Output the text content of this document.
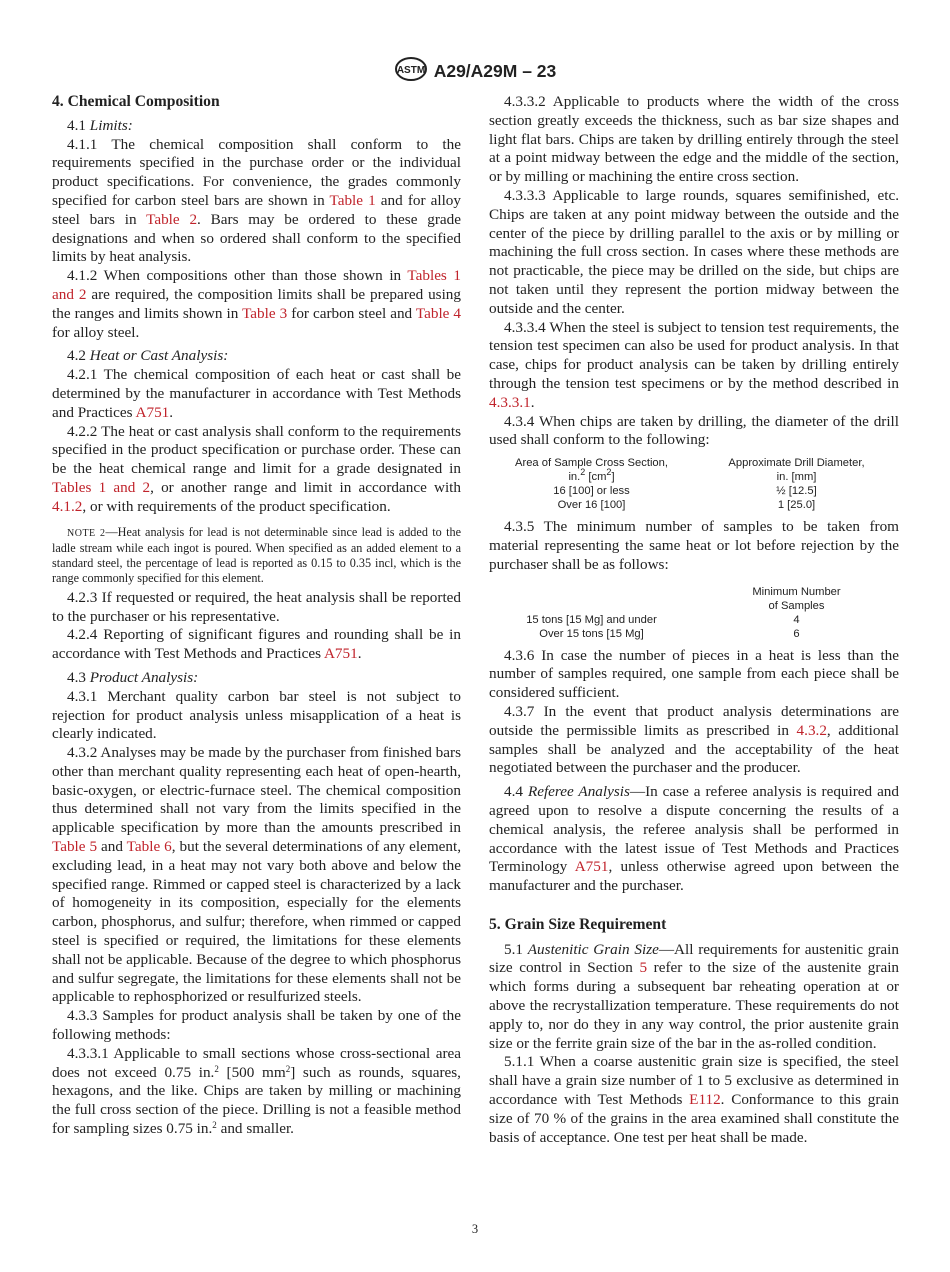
ASTM A29/A29M – 23

4. Chemical Composition

4.1 Limits:

4.1.1 The chemical composition shall conform to the requirements specified in the purchase order or the individual product specifications. For convenience, the grades commonly specified for carbon steel bars are shown in Table 1 and for alloy steel bars in Table 2. Bars may be ordered to these grade designations and when so ordered shall conform to the specified limits by heat analysis.

4.1.2 When compositions other than those shown in Tables 1 and 2 are required, the composition limits shall be prepared using the ranges and limits shown in Table 3 for carbon steel and Table 4 for alloy steel.

4.2 Heat or Cast Analysis:

4.2.1 The chemical composition of each heat or cast shall be determined by the manufacturer in accordance with Test Methods and Practices A751.

4.2.2 The heat or cast analysis shall conform to the requirements specified in the product specification or purchase order. These can be the heat chemical range and limit for a grade designated in Tables 1 and 2, or another range and limit in accordance with 4.1.2, or with requirements of the product specification.

NOTE 2—Heat analysis for lead is not determinable since lead is added to the ladle stream while each ingot is poured. When specified as an added element to a standard steel, the percentage of lead is reported as 0.15 to 0.35 incl, which is the range commonly specified for this element.

4.2.3 If requested or required, the heat analysis shall be reported to the purchaser or his representative.

4.2.4 Reporting of significant figures and rounding shall be in accordance with Test Methods and Practices A751.

4.3 Product Analysis:

4.3.1 Merchant quality carbon bar steel is not subject to rejection for product analysis unless misapplication of a heat is clearly indicated.

4.3.2 Analyses may be made by the purchaser from finished bars other than merchant quality representing each heat of open-hearth, basic-oxygen, or electric-furnace steel. The chemical composition thus determined shall not vary from the limits specified in the applicable specification by more than the amounts prescribed in Table 5 and Table 6, but the several determinations of any element, excluding lead, in a heat may not vary both above and below the specified range. Rimmed or capped steel is characterized by a lack of homogeneity in its composition, especially for the elements carbon, phosphorus, and sulfur; therefore, when rimmed or capped steel is specified or required, the limitations for these elements shall not be applicable. Because of the degree to which phosphorus and sulfur segregate, the limitations for these elements shall not be applicable to rephosphorized or resulfurized steels.

4.3.3 Samples for product analysis shall be taken by one of the following methods:

4.3.3.1 Applicable to small sections whose cross-sectional area does not exceed 0.75 in.$^2$ [500 $mm^2$] such as rounds, squares, hexagons, and the like. Chips are taken by milling or machining the full cross section of the piece. Drilling is not a feasible method for sampling sizes 0.75 in.$^2$ and smaller.

4.3.3.2 Applicable to products where the width of the cross section greatly exceeds the thickness, such as bar size shapes and light flat bars. Chips are taken by drilling entirely through the steel at a point midway between the edge and the middle of the section, or by milling or machining the entire cross section.

4.3.3.3 Applicable to large rounds, squares semifinished, etc. Chips are taken at any point midway between the outside and the center of the piece by drilling parallel to the axis or by milling or machining the full cross section. In cases where these methods are not practicable, the piece may be drilled on the side, but chips are not taken until they represent the portion midway between the outside and the center.

4.3.3.4 When the steel is subject to tension test requirements, the tension test specimen can also be used for product analysis. In that case, chips for product analysis can be taken by drilling entirely through the tension test specimens or by the method described in 4.3.3.1.

4.3.4 When chips are taken by drilling, the diameter of the drill used shall conform to the following:

Area of Sample Cross Section,
in.$^2$ $[cm^2]$	Approximate Drill Diameter,
in. [mm]
16 [100] or less	½ [12.5]
Over 16 [100]	1 [25.0]

4.3.5 The minimum number of samples to be taken from material representing the same heat or lot before rejection by the purchaser shall be as follows:

	Minimum Number
of Samples
15 tons [15 Mg] and under	4
Over 15 tons [15 Mg]	6

4.3.6 In case the number of pieces in a heat is less than the number of samples required, one sample from each piece shall be considered sufficient.

4.3.7 In the event that product analysis determinations are outside the permissible limits as prescribed in 4.3.2, additional samples shall be analyzed and the acceptability of the heat negotiated between the purchaser and the producer.

4.4 Referee Analysis—In case a referee analysis is required and agreed upon to resolve a dispute concerning the results of a chemical analysis, the referee analysis shall be performed in accordance with the latest issue of Test Methods and Practices Terminology A751, unless otherwise agreed upon between the manufacturer and the purchaser.

5. Grain Size Requirement

5.1 Austenitic Grain Size—All requirements for austenitic grain size control in Section 5 refer to the size of the austenite grain which forms during a subsequent bar reheating operation at or above the recrystallization temperature. These requirements do not apply to, nor do they in any way control, the prior austenite grain size or the ferrite grain size of the bar in the as-rolled condition.

5.1.1 When a coarse austenitic grain size is specified, the steel shall have a grain size number of 1 to 5 exclusive as determined in accordance with Test Methods E112. Conformance to this grain size of 70 % of the grains in the area examined shall constitute the basis of acceptance. One test per heat shall be made.

3
